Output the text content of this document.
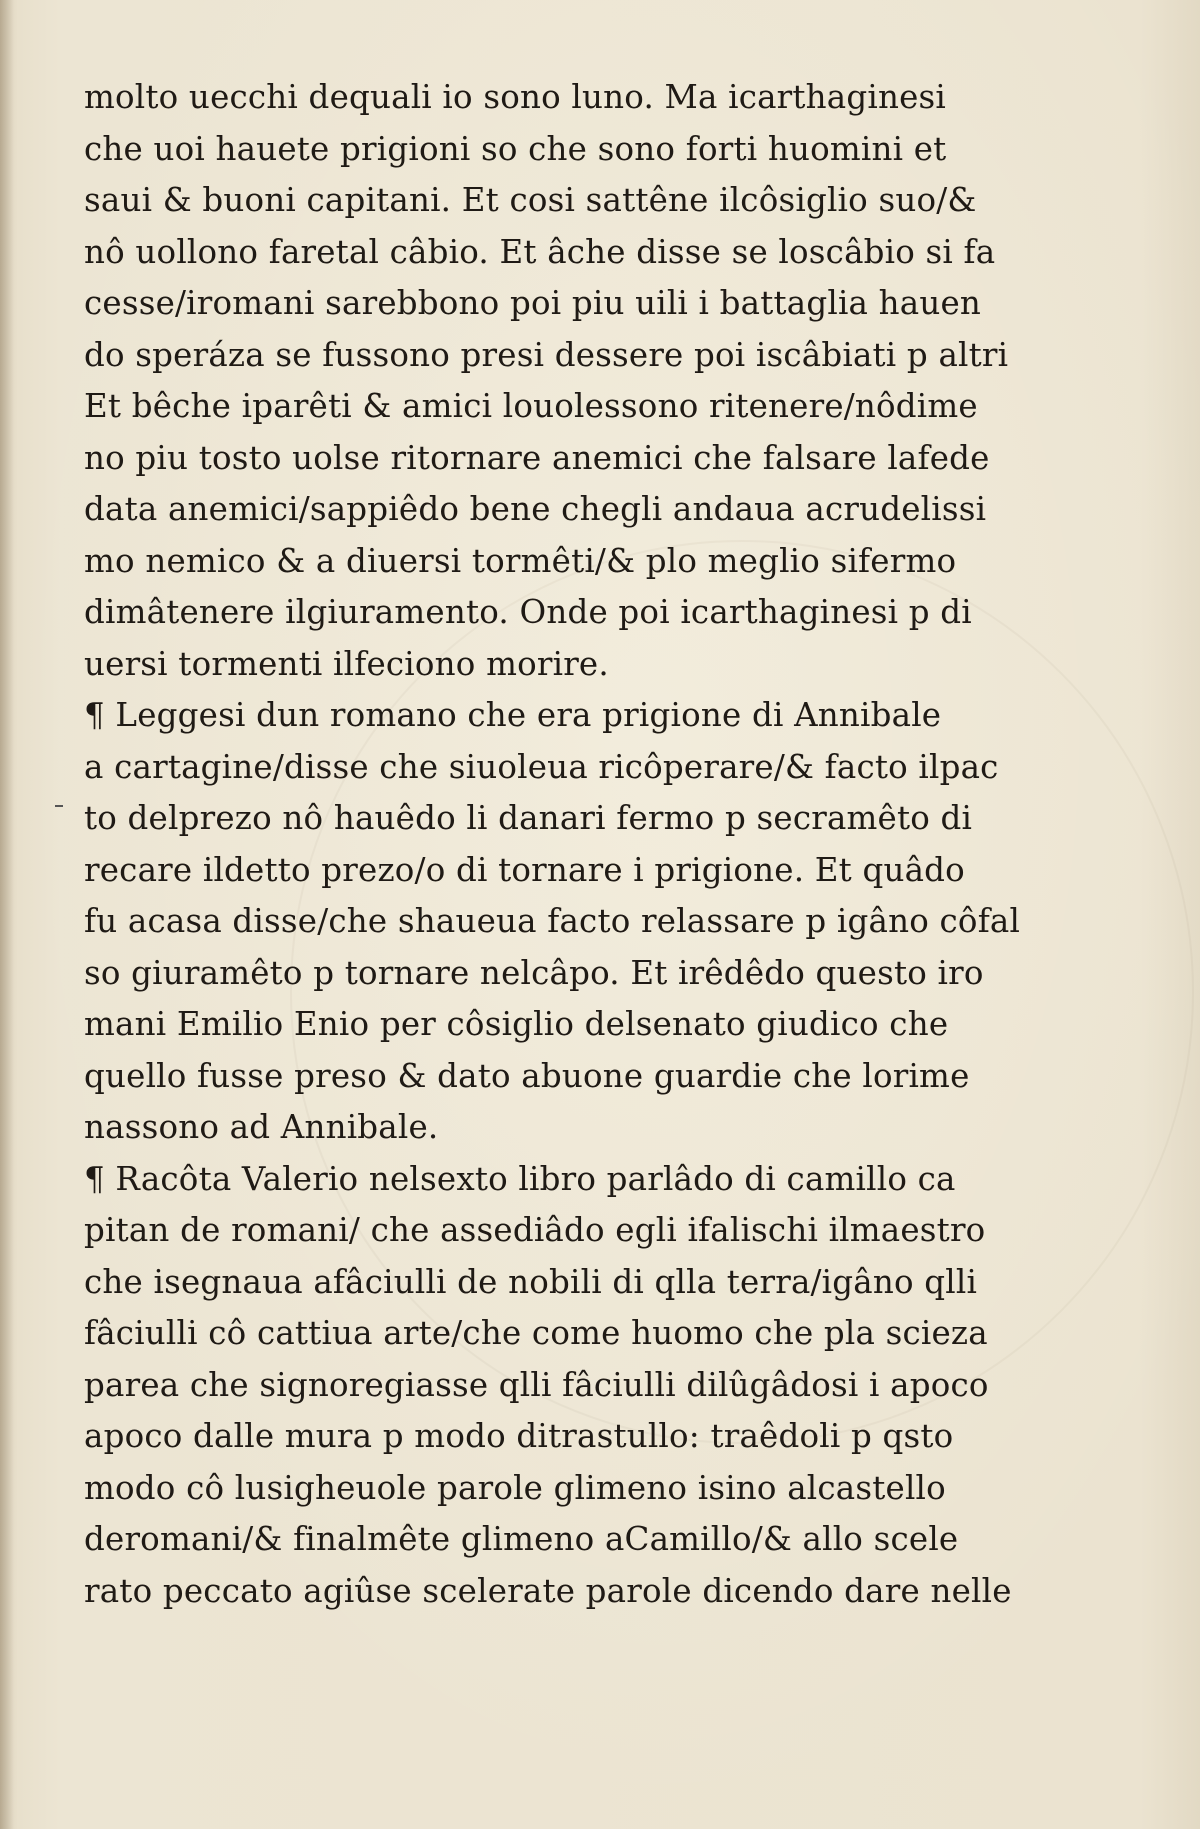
molto uecchi dequali io sono luno. Ma icarthaginesi
che uoi hauete prigioni so che sono forti huomini et
saui & buoni capitani. Et cosi sattêne ilcôsiglio suo/&
nô uollono faretal câbio. Et âche disse se loscâbio si fa
cesse/iromani sarebbono poi piu uili i battaglia hauen
do speráza se fussono presi dessere poi iscâbiati p altri
Et bêche iparêti & amici louolessono ritenere/nôdime
no piu tosto uolse ritornare anemici che falsare lafede
data anemici/sappiêdo bene chegli andaua acrudelissi
mo nemico & a diuersi tormêti/& plo meglio sifermo
dimâtenere ilgiuramento. Onde poi icarthaginesi p di
uersi tormenti ilfeciono morire.
¶ Leggesi dun romano che era prigione di Annibale
a cartagine/disse che siuoleua ricôperare/& facto ilpac
to delprezo nô hauêdo li danari fermo p secramêto di
recare ildetto prezo/o di tornare i prigione. Et quâdo
fu acasa disse/che shaueua facto relassare p igâno côfal
so giuramêto p tornare nelcâpo. Et irêdêdo questo iro
mani Emilio Enio per côsiglio delsenato giudico che
quello fusse preso & dato abuone guardie che lorime
nassono ad Annibale.
¶ Racôta Valerio nelsexto libro parlâdo di camillo ca
pitan de romani/ che assediâdo egli ifalischi ilmaestro
che isegnaua afâciulli de nobili di qlla terra/igâno qlli
fâciulli cô cattiua arte/che come huomo che pla scieza
parea che signoregiasse qlli fâciulli dilûgâdosi i apoco
apoco dalle mura p modo ditrastullo: traêdoli p qsto
modo cô lusigheuole parole glimeno isino alcastello
deromani/& finalmête glimeno aCamillo/& allo scele
rato peccato agiûse scelerate parole dicendo dare nelle
